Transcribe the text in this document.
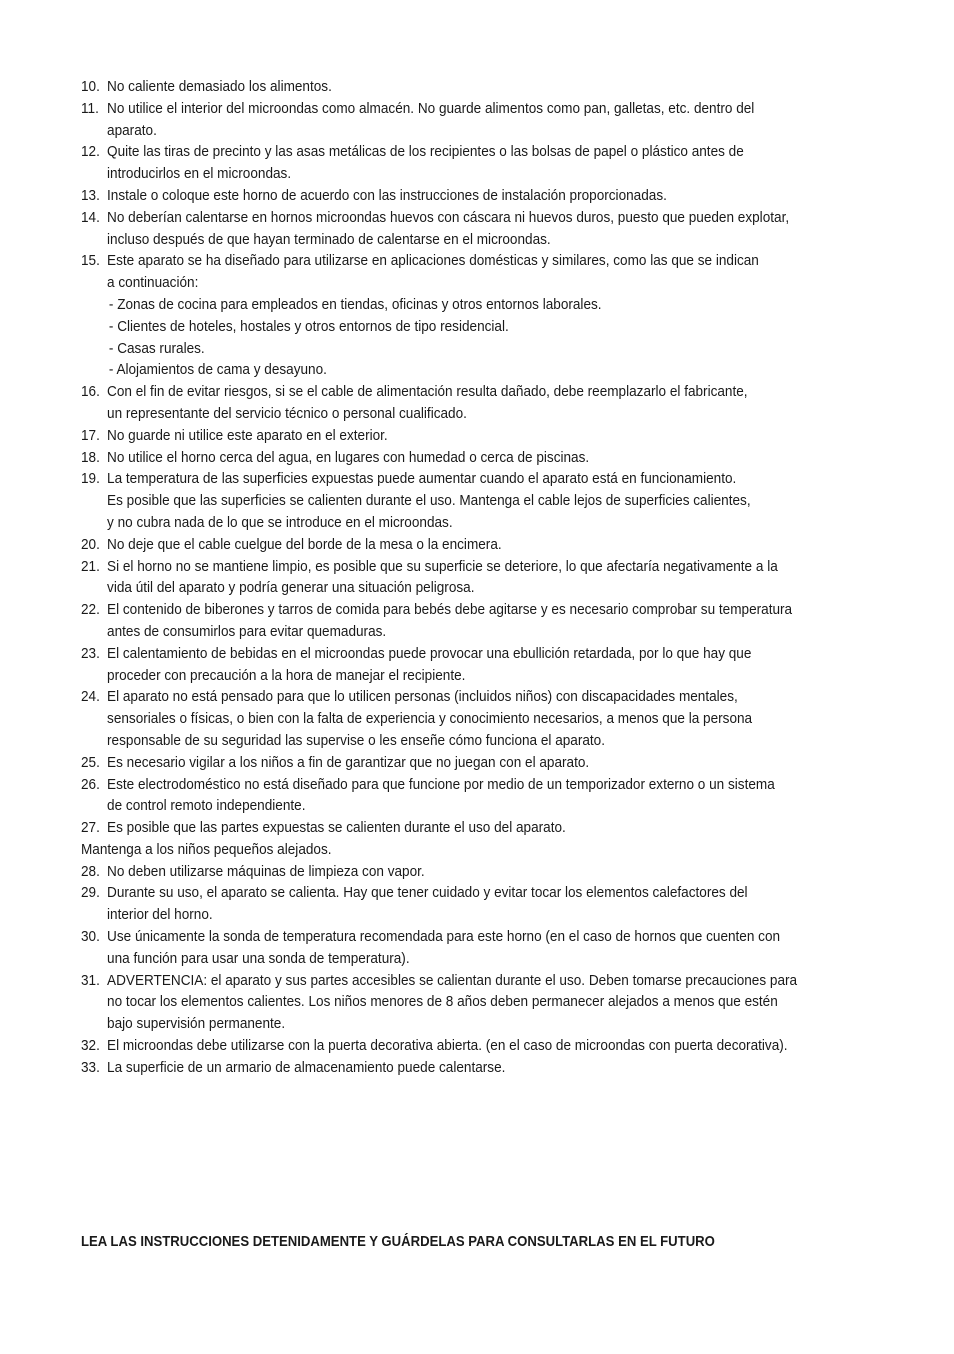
10. No caliente demasiado los alimentos.
11. No utilice el interior del microondas como almacén. No guarde alimentos como pan, galletas, etc. dentro del
aparato.
12. Quite las tiras de precinto y las asas metálicas de los recipientes o las bolsas de papel o plástico antes de
introducirlos en el microondas.
13. Instale o coloque este horno de acuerdo con las instrucciones de instalación proporcionadas.
14. No deberían calentarse en hornos microondas huevos con cáscara ni huevos duros, puesto que pueden explotar,
incluso después de que hayan terminado de calentarse en el microondas.
15. Este aparato se ha diseñado para utilizarse en aplicaciones domésticas y similares, como las que se indican
a continuación:
- Zonas de cocina para empleados en tiendas, oficinas y otros entornos laborales.
- Clientes de hoteles, hostales y otros entornos de tipo residencial.
- Casas rurales.
- Alojamientos de cama y desayuno.
16. Con el fin de evitar riesgos, si se el cable de alimentación resulta dañado, debe reemplazarlo el fabricante,
un representante del servicio técnico o personal cualificado.
17. No guarde ni utilice este aparato en el exterior.
18. No utilice el horno cerca del agua, en lugares con humedad o cerca de piscinas.
19. La temperatura de las superficies expuestas puede aumentar cuando el aparato está en funcionamiento.
Es posible que las superficies se calienten durante el uso. Mantenga el cable lejos de superficies calientes,
y no cubra nada de lo que se introduce en el microondas.
20. No deje que el cable cuelgue del borde de la mesa o la encimera.
21. Si el horno no se mantiene limpio, es posible que su superficie se deteriore, lo que afectaría negativamente a la
vida útil del aparato y podría generar una situación peligrosa.
22. El contenido de biberones y tarros de comida para bebés debe agitarse y es necesario comprobar su temperatura
antes de consumirlos para evitar quemaduras.
23. El calentamiento de bebidas en el microondas puede provocar una ebullición retardada, por lo que hay que
proceder con precaución a la hora de manejar el recipiente.
24. El aparato no está pensado para que lo utilicen personas (incluidos niños) con discapacidades mentales,
sensoriales o físicas, o bien con la falta de experiencia y conocimiento necesarios, a menos que la persona
responsable de su seguridad las supervise o les enseñe cómo funciona el aparato.
25. Es necesario vigilar a los niños a fin de garantizar que no juegan con el aparato.
26. Este electrodoméstico no está diseñado para que funcione por medio de un temporizador externo o un sistema
de control remoto independiente.
27. Es posible que las partes expuestas se calienten durante el uso del aparato.
Mantenga a los niños pequeños alejados.
28. No deben utilizarse máquinas de limpieza con vapor.
29. Durante su uso, el aparato se calienta. Hay que tener cuidado y evitar tocar los elementos calefactores del
interior del horno.
30. Use únicamente la sonda de temperatura recomendada para este horno (en el caso de hornos que cuenten con
una función para usar una sonda de temperatura).
31. ADVERTENCIA: el aparato y sus partes accesibles se calientan durante el uso. Deben tomarse precauciones para
no tocar los elementos calientes. Los niños menores de 8 años deben permanecer alejados a menos que estén
bajo supervisión permanente.
32. El microondas debe utilizarse con la puerta decorativa abierta. (en el caso de microondas con puerta decorativa).
33. La superficie de un armario de almacenamiento puede calentarse.
LEA LAS INSTRUCCIONES DETENIDAMENTE Y GUÁRDELAS PARA CONSULTARLAS EN EL FUTURO
